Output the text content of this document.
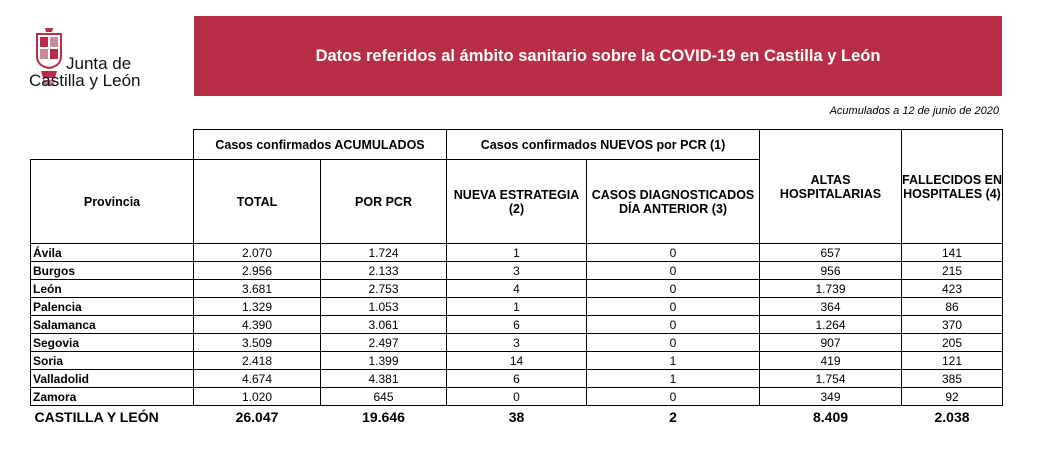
Junta de
Castilla y León
Datos referidos al ámbito sanitario sobre la COVID-19 en Castilla y León
Acumulados a 12 de junio de 2020
	Casos confirmados ACUMULADOS		Casos confirmados NUEVOS por PCR (1)		ALTAS HOSPITALARIAS	FALLECIDOS EN HOSPITALES (4)
Provincia	TOTAL	POR PCR	NUEVA ESTRATEGIA (2)	CASOS DIAGNOSTICADOS DÍA ANTERIOR (3)		
Ávila	2.070	1.724	1	0	657	141
Burgos	2.956	2.133	3	0	956	215
León	3.681	2.753	4	0	1.739	423
Palencia	1.329	1.053	1	0	364	86
Salamanca	4.390	3.061	6	0	1.264	370
Segovia	3.509	2.497	3	0	907	205
Soria	2.418	1.399	14	1	419	121
Valladolid	4.674	4.381	6	1	1.754	385
Zamora	1.020	645	0	0	349	92
CASTILLA Y LEÓN	26.047	19.646	38	2	8.409	2.038
